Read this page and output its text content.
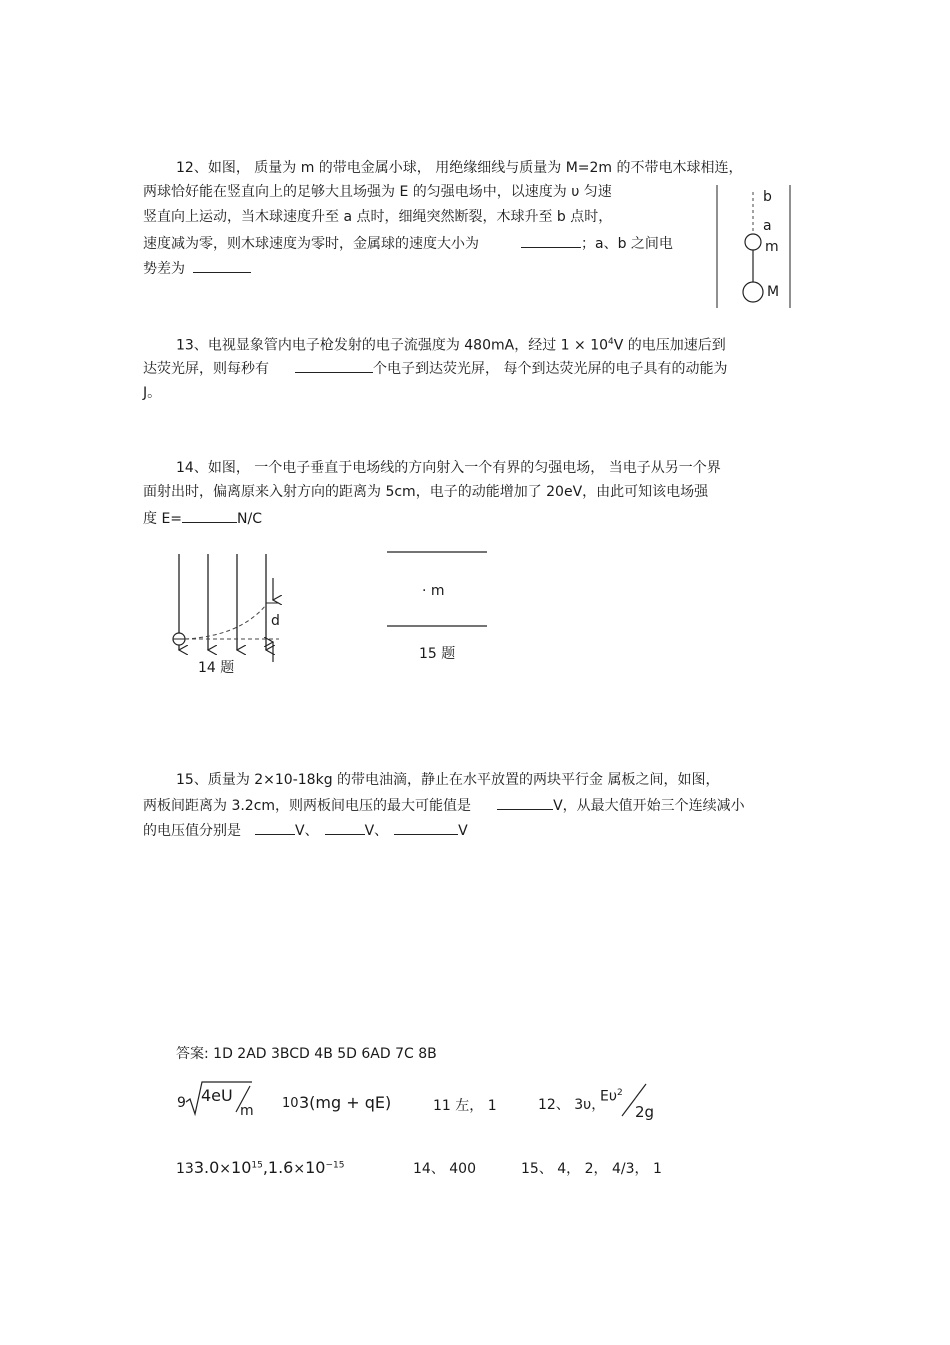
12、如图， 质量为 m 的带电金属小球， 用绝缘细线与质量为 M=2m 的不带电木球相连，
两球恰好能在竖直向上的足够大且场强为 E 的匀强电场中，以速度为 υ 匀速
竖直向上运动，当木球速度升至 a 点时，细绳突然断裂，木球升至 b 点时，
速度减为零，则木球速度为零时，金属球的速度大小为	；a、b 之间电
势差为
b
a
m
M
13、电视显象管内电子枪发射的电子流强度为 480mA，经过 $1 \times 10^4V$ 的电压加速后到
达荧光屏，则每秒有	个电子到达荧光屏， 每个到达荧光屏的电子具有的动能为
J。
14、如图， 一个电子垂直于电场线的方向射入一个有界的匀强电场， 当电子从另一个界
面射出时，偏离原来入射方向的距离为 5cm，电子的动能增加了 20eV，由此可知该电场强
度 E=	N/C
d
14 题
· m
15 题
15、质量为 2×10-18kg 的带电油滴，静止在水平放置的两块平行金 属板之间，如图，
两板间距离为 3.2cm，则两板间电压的最大可能值是	V，从最大值开始三个连续减小
的电压值分别是	V、	V、	V
答案: 1D 2AD 3BCD 4B 5D 6AD 7C 8B
9 4eU
m 10 3(mg + qE)	11 左， 1	12、 3υ，
$E\upsilon^2$
2g
$133.0\times 10^{15},1.6\times 10^{-15}$	14、 400	15、 4， 2， 4/3， 1
